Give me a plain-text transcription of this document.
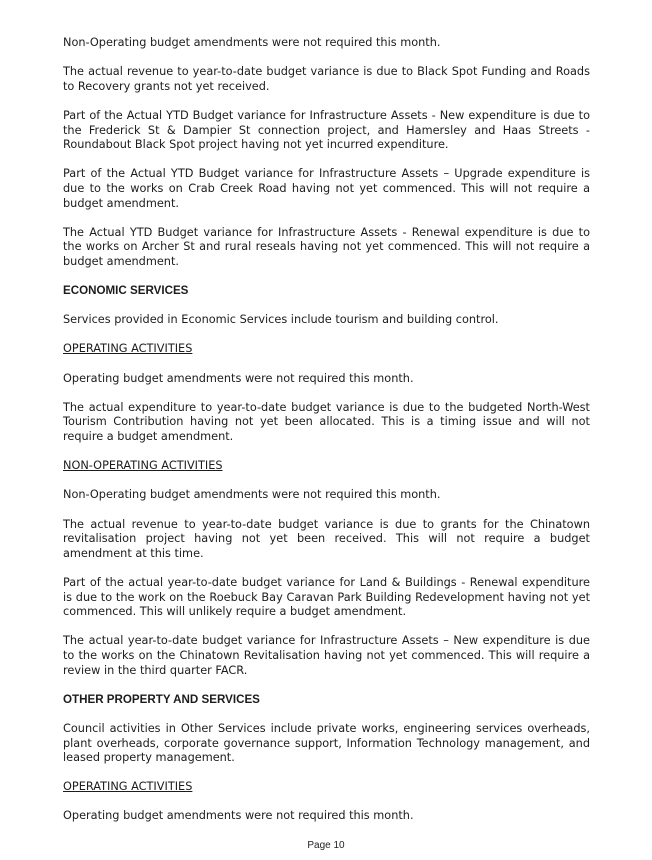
Non-Operating budget amendments were not required this month.

The actual revenue to year-to-date budget variance is due to Black Spot Funding and Roads to Recovery grants not yet received.

Part of the Actual YTD Budget variance for Infrastructure Assets - New expenditure is due to the Frederick St & Dampier St connection project, and Hamersley and Haas Streets - Roundabout Black Spot project having not yet incurred expenditure.

Part of the Actual YTD Budget variance for Infrastructure Assets – Upgrade expenditure is due to the works on Crab Creek Road having not yet commenced. This will not require a budget amendment.

The Actual YTD Budget variance for Infrastructure Assets - Renewal expenditure is due to the works on Archer St and rural reseals having not yet commenced. This will not require a budget amendment.

ECONOMIC SERVICES

Services provided in Economic Services include tourism and building control.

OPERATING ACTIVITIES

Operating budget amendments were not required this month.

The actual expenditure to year-to-date budget variance is due to the budgeted North-West Tourism Contribution having not yet been allocated. This is a timing issue and will not require a budget amendment.

NON-OPERATING ACTIVITIES

Non-Operating budget amendments were not required this month.

The actual revenue to year-to-date budget variance is due to grants for the Chinatown revitalisation project having not yet been received. This will not require a budget amendment at this time.

Part of the actual year-to-date budget variance for Land & Buildings - Renewal expenditure is due to the work on the Roebuck Bay Caravan Park Building Redevelopment having not yet commenced. This will unlikely require a budget amendment.

The actual year-to-date budget variance for Infrastructure Assets – New expenditure is due to the works on the Chinatown Revitalisation having not yet commenced. This will require a review in the third quarter FACR.

OTHER PROPERTY AND SERVICES

Council activities in Other Services include private works, engineering services overheads, plant overheads, corporate governance support, Information Technology management, and leased property management.

OPERATING ACTIVITIES

Operating budget amendments were not required this month.

Page 10
